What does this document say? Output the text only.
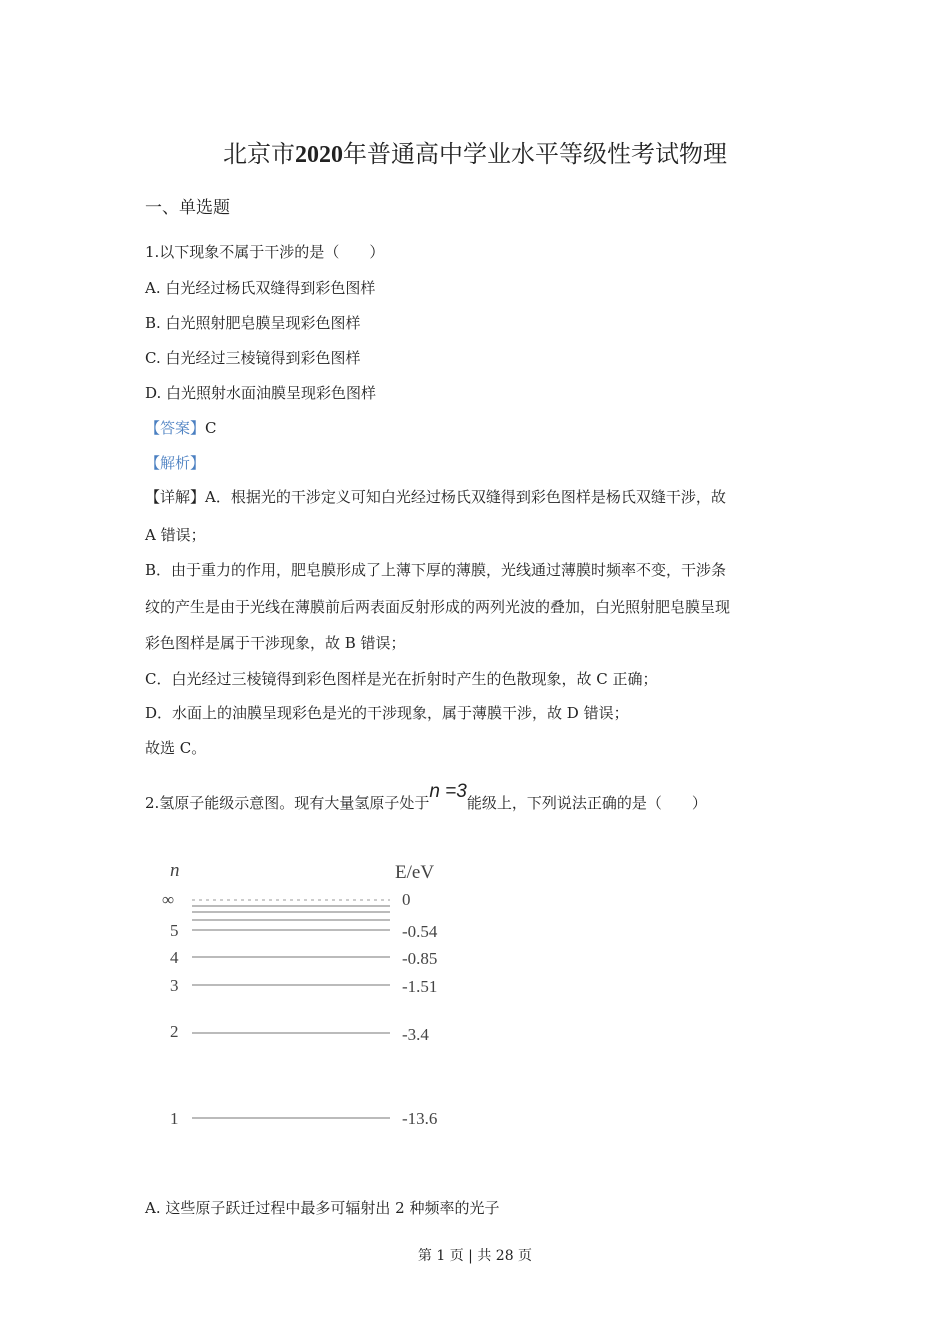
北京市2020年普通高中学业水平等级性考试物理
一、单选题
1.以下现象不属于干涉的是（　　）
A. 白光经过杨氏双缝得到彩色图样
B. 白光照射肥皂膜呈现彩色图样
C. 白光经过三棱镜得到彩色图样
D. 白光照射水面油膜呈现彩色图样
【答案】C
【解析】
【详解】A．根据光的干涉定义可知白光经过杨氏双缝得到彩色图样是杨氏双缝干涉，故
A 错误；
B．由于重力的作用，肥皂膜形成了上薄下厚的薄膜，光线通过薄膜时频率不变，干涉条
纹的产生是由于光线在薄膜前后两表面反射形成的两列光波的叠加，白光照射肥皂膜呈现
彩色图样是属于干涉现象，故 B 错误；
C．白光经过三棱镜得到彩色图样是光在折射时产生的色散现象，故 C 正确；
D．水面上的油膜呈现彩色是光的干涉现象，属于薄膜干涉，故 D 错误；
故选 C。
2.氢原子能级示意图。现有大量氢原子处于n =3能级上，下列说法正确的是（　　）
n	E/eV
∞	0
5	-0.54
4	-0.85
3	-1.51
2	-3.4
1	-13.6
A. 这些原子跃迁过程中最多可辐射出 2 种频率的光子
第 1 页 | 共 28 页
